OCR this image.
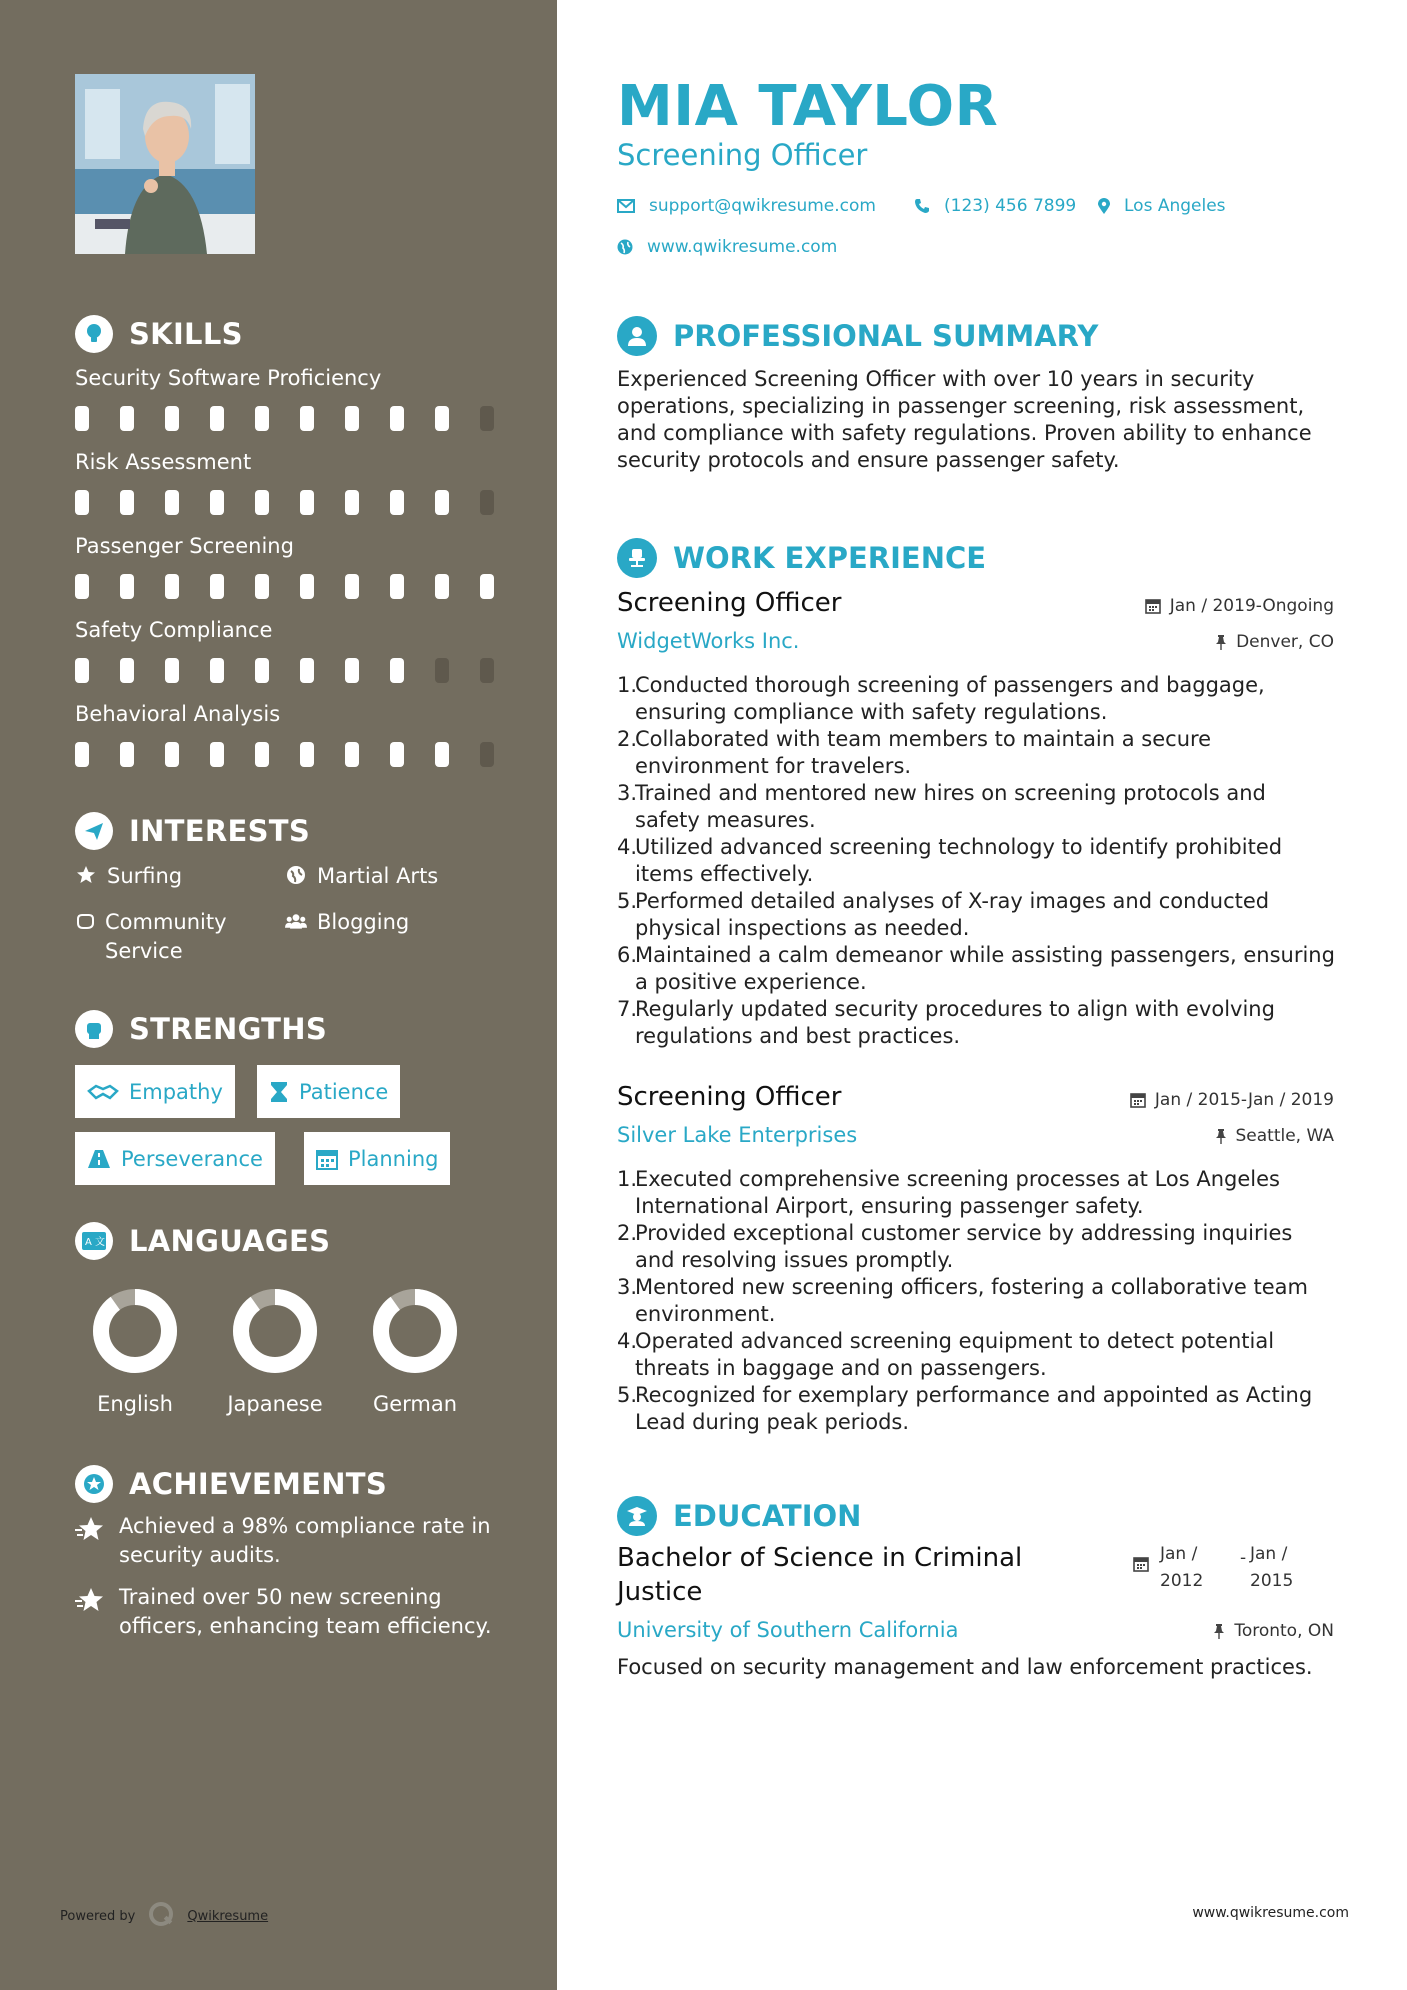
SKILLS
Security Software Proficiency
Risk Assessment
Passenger Screening
Safety Compliance
Behavioral Analysis
INTERESTS
Surfing	Martial Arts
Community Service
Blogging
STRENGTHS
Empathy	Patience
Perseverance	Planning
A 文 LANGUAGES
English	Japanese	German
ACHIEVEMENTS
Achieved a 98% compliance rate in security audits.
Trained over 50 new screening officers, enhancing team efficiency.
Powered by	Qwikresume
MIA TAYLOR
Screening Officer
support@qwikresume.com	(123) 456 7899	Los Angeles
www.qwikresume.com
PROFESSIONAL SUMMARY
Experienced Screening Officer with over 10 years in security operations, specializing in passenger screening, risk assessment, and compliance with safety regulations. Proven ability to enhance security protocols and ensure passenger safety.
WORK EXPERIENCE
Screening Officer	Jan / 2019-Ongoing
WidgetWorks Inc.	Denver, CO
1.
Conducted thorough screening of passengers and baggage, ensuring compliance with safety regulations.
2.
Collaborated with team members to maintain a secure environment for travelers.
3.
Trained and mentored new hires on screening protocols and safety measures.
4.
Utilized advanced screening technology to identify prohibited items effectively.
5.
Performed detailed analyses of X-ray images and conducted physical inspections as needed.
6.
Maintained a calm demeanor while assisting passengers, ensuring a positive experience.
7.
Regularly updated security procedures to align with evolving regulations and best practices.
Screening Officer	Jan / 2015-Jan / 2019
Silver Lake Enterprises	Seattle, WA
1.
Executed comprehensive screening processes at Los Angeles International Airport, ensuring passenger safety.
2.
Provided exceptional customer service by addressing inquiries and resolving issues promptly.
3.
Mentored new screening officers, fostering a collaborative team environment.
4.
Operated advanced screening equipment to detect potential threats in baggage and on passengers.
5.
Recognized for exemplary performance and appointed as Acting Lead during peak periods.
EDUCATION
Bachelor of Science in Criminal Justice
Jan / 2012
- Jan / 2015
University of Southern California	Toronto, ON
Focused on security management and law enforcement practices.
www.qwikresume.com
